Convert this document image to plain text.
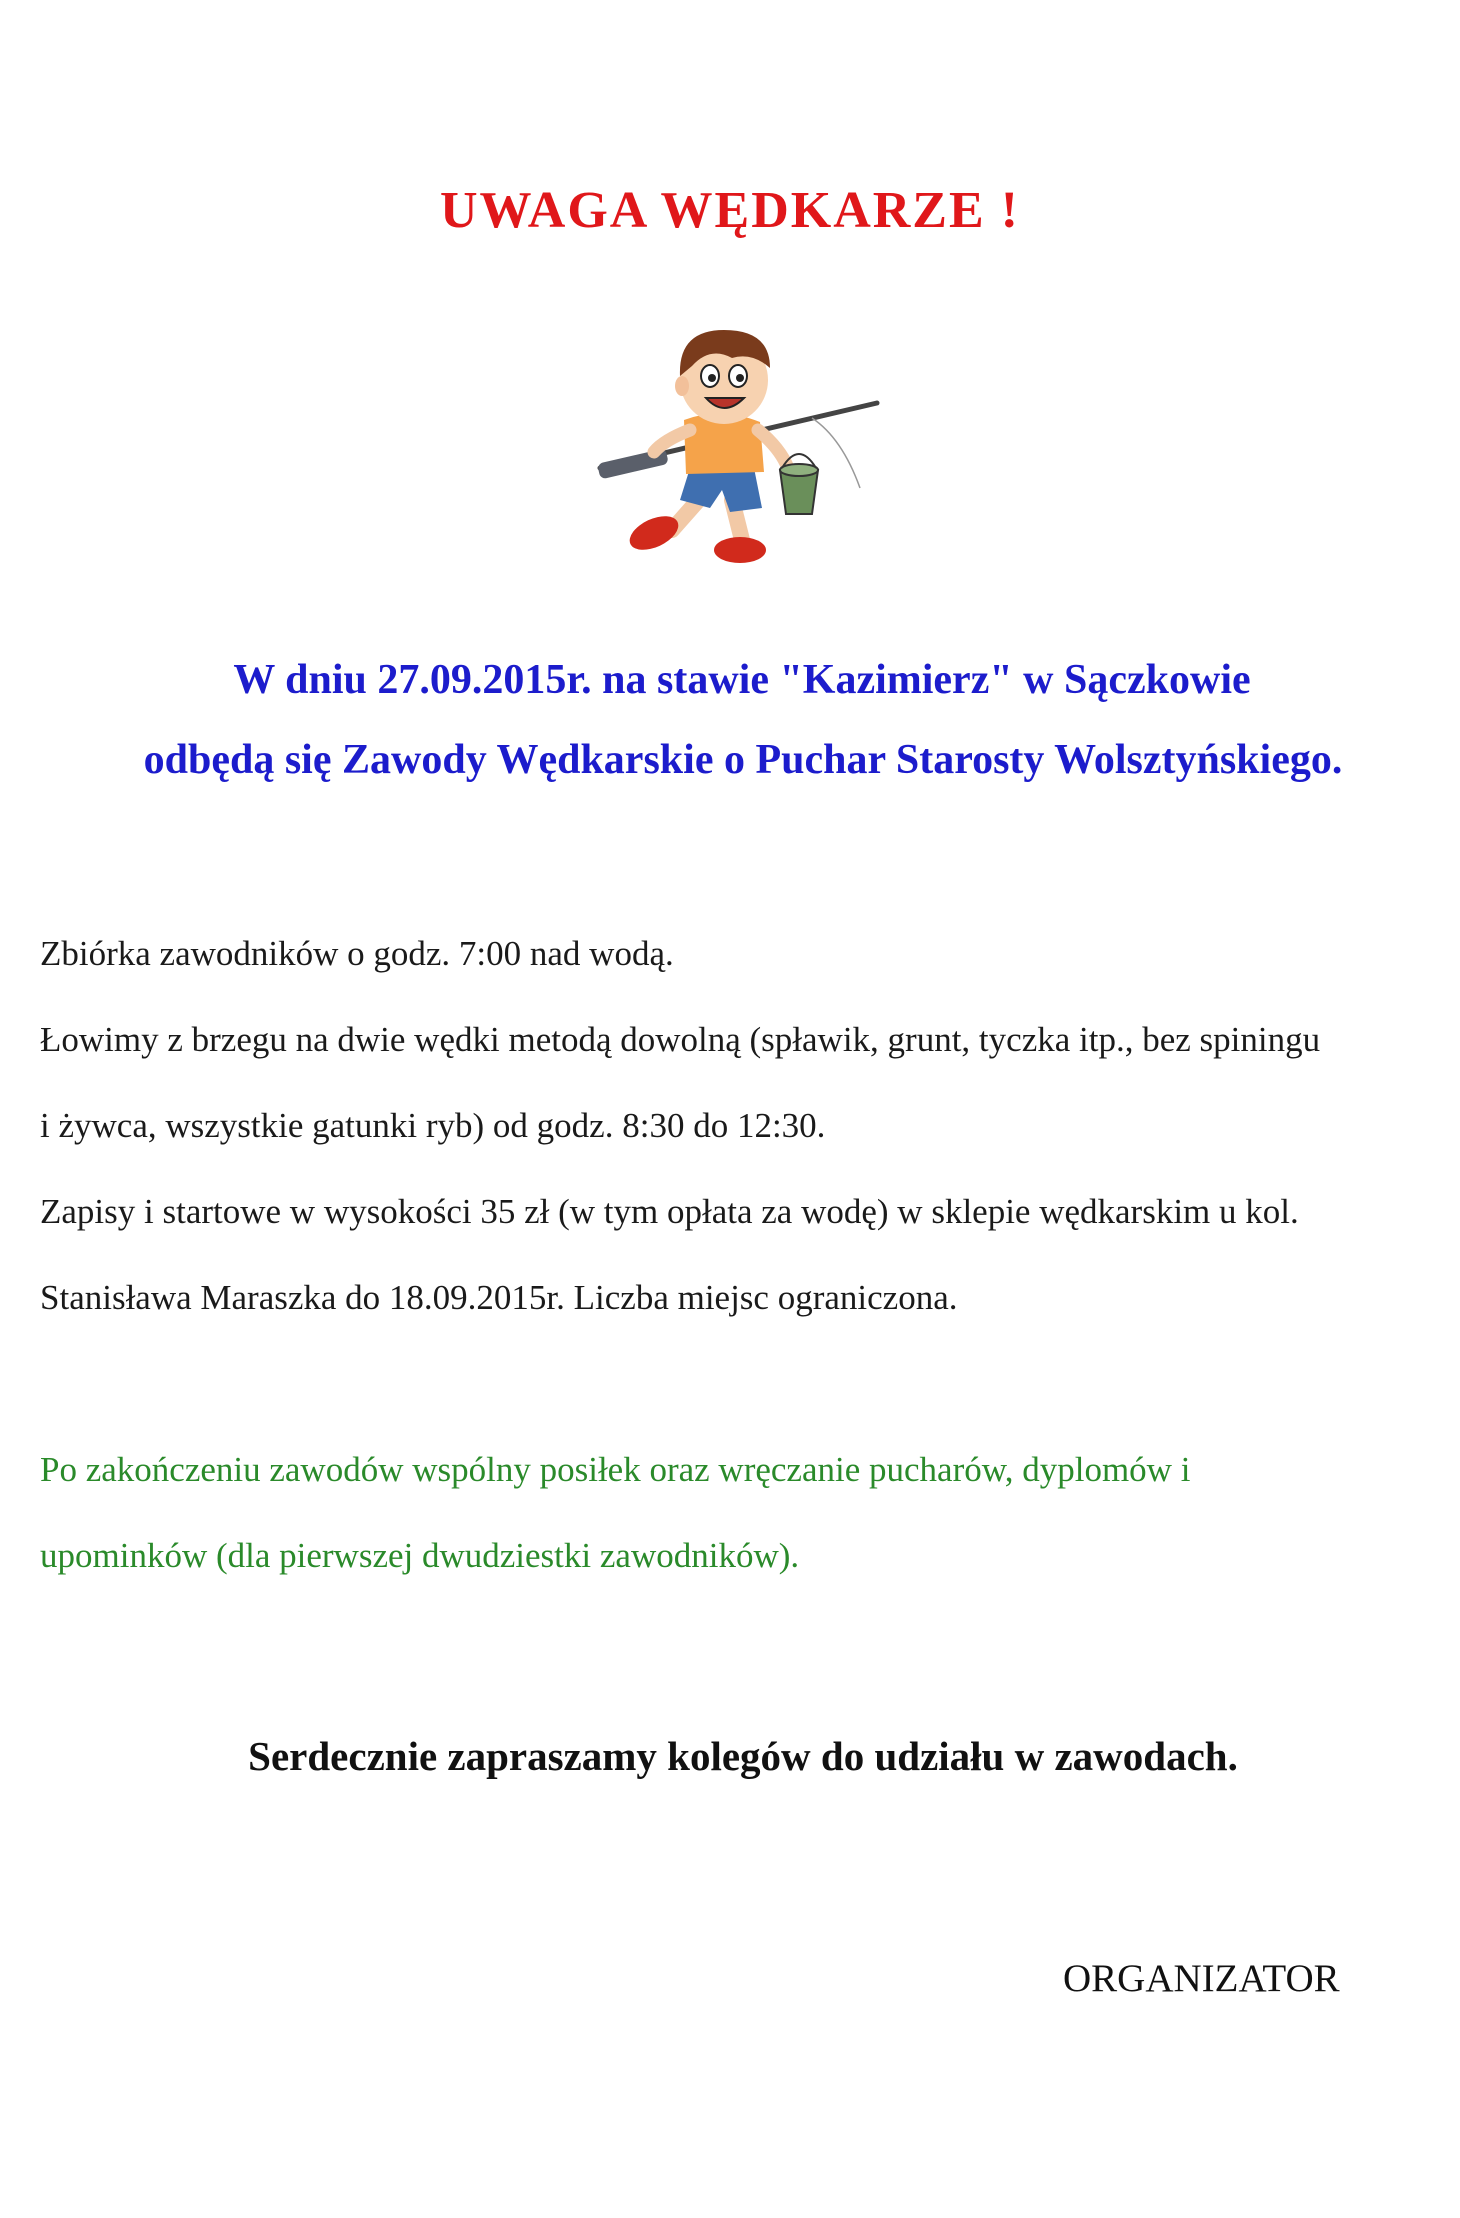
UWAGA WĘDKARZE !
W dniu 27.09.2015r. na stawie "Kazimierz" w Sączkowie
odbędą się Zawody Wędkarskie o Puchar Starosty Wolsztyńskiego.
Zbiórka zawodników o godz. 7:00 nad wodą.
Łowimy z brzegu na dwie wędki metodą dowolną (spławik, grunt, tyczka itp., bez spiningu
i żywca, wszystkie gatunki ryb) od godz. 8:30 do 12:30.
Zapisy i startowe w wysokości 35 zł (w tym opłata za wodę) w sklepie wędkarskim u kol.
Stanisława Maraszka do 18.09.2015r. Liczba miejsc ograniczona.
Po zakończeniu zawodów wspólny posiłek oraz wręczanie pucharów, dyplomów i
upominków (dla pierwszej dwudziestki zawodników).
Serdecznie zapraszamy kolegów do udziału w zawodach.
ORGANIZATOR
